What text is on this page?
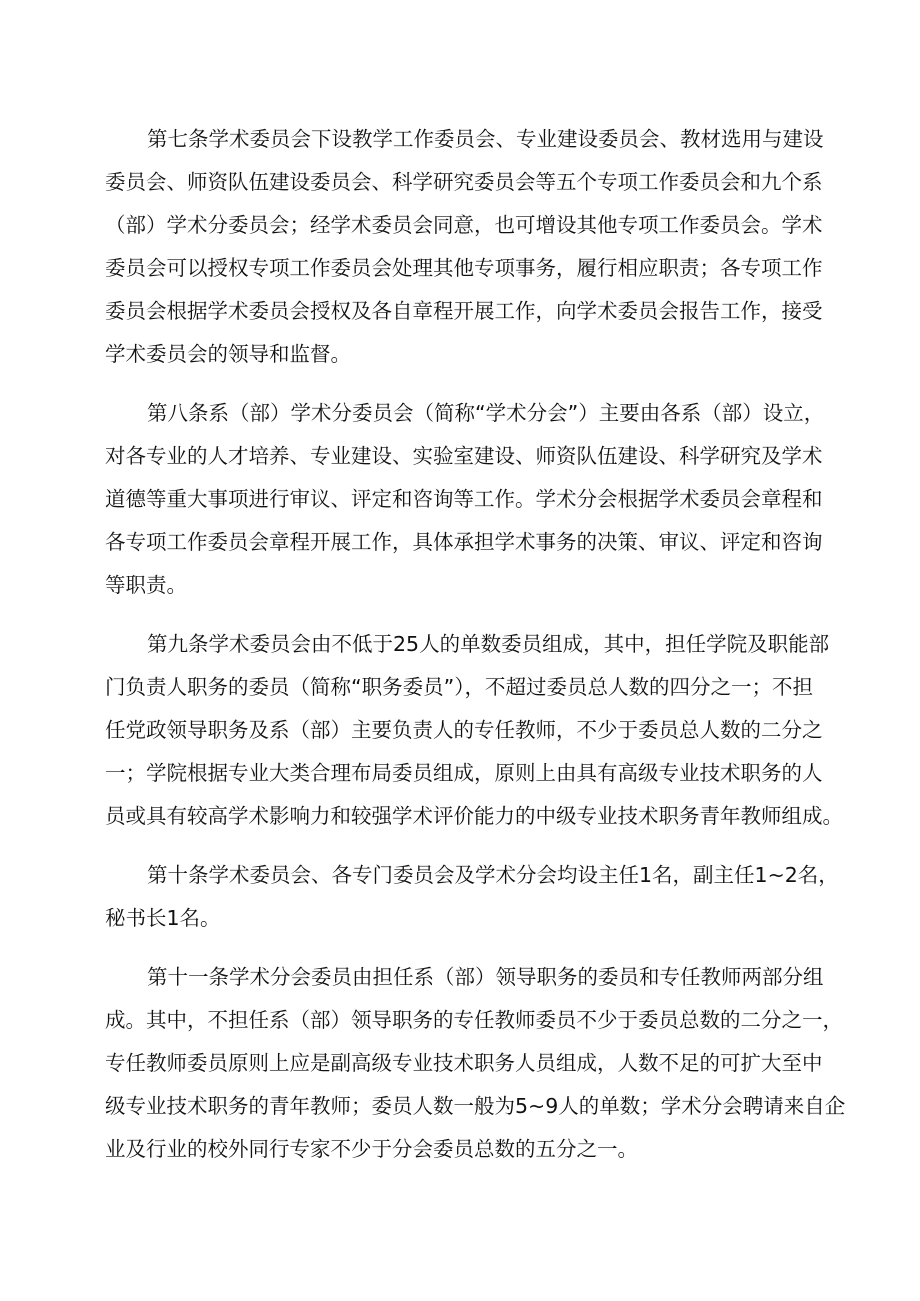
第七条学术委员会下设教学工作委员会、专业建设委员会、教材选用与建设
委员会、师资队伍建设委员会、科学研究委员会等五个专项工作委员会和九个系
（部）学术分委员会；经学术委员会同意，也可增设其他专项工作委员会。学术
委员会可以授权专项工作委员会处理其他专项事务，履行相应职责；各专项工作
委员会根据学术委员会授权及各自章程开展工作，向学术委员会报告工作，接受
学术委员会的领导和监督。
第八条系（部）学术分委员会（简称“学术分会”）主要由各系（部）设立，
对各专业的人才培养、专业建设、实验室建设、师资队伍建设、科学研究及学术
道德等重大事项进行审议、评定和咨询等工作。学术分会根据学术委员会章程和
各专项工作委员会章程开展工作，具体承担学术事务的决策、审议、评定和咨询
等职责。
第九条学术委员会由不低于25人的单数委员组成，其中，担任学院及职能部
门负责人职务的委员（简称“职务委员”），不超过委员总人数的四分之一；不担
任党政领导职务及系（部）主要负责人的专任教师，不少于委员总人数的二分之
一；学院根据专业大类合理布局委员组成，原则上由具有高级专业技术职务的人
员或具有较高学术影响力和较强学术评价能力的中级专业技术职务青年教师组成。
第十条学术委员会、各专门委员会及学术分会均设主任1名，副主任1~2名，
秘书长1名。
第十一条学术分会委员由担任系（部）领导职务的委员和专任教师两部分组
成。其中，不担任系（部）领导职务的专任教师委员不少于委员总数的二分之一，
专任教师委员原则上应是副高级专业技术职务人员组成，人数不足的可扩大至中
级专业技术职务的青年教师；委员人数一般为5~9人的单数；学术分会聘请来自企
业及行业的校外同行专家不少于分会委员总数的五分之一。
